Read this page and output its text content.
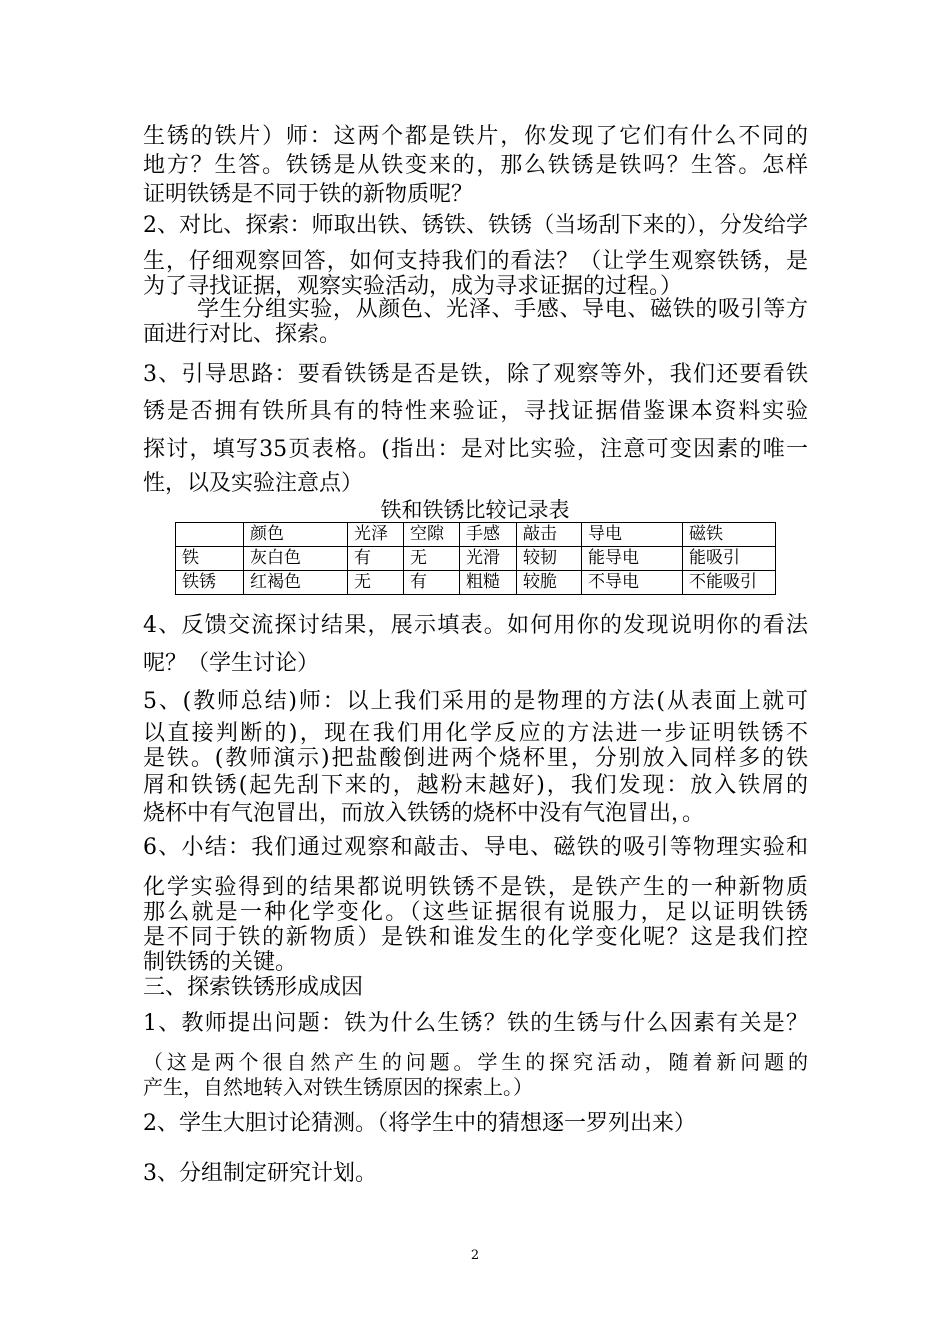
生锈的铁片）师：这两个都是铁片，你发现了它们有什么不同的
地方？生答。铁锈是从铁变来的，那么铁锈是铁吗？生答。怎样
证明铁锈是不同于铁的新物质呢？
2、对比、探索：师取出铁、锈铁、铁锈（当场刮下来的），分发给学
生，仔细观察回答，如何支持我们的看法？（让学生观察铁锈，是
为了寻找证据，观察实验活动，成为寻求证据的过程。）
学生分组实验，从颜色、光泽、手感、导电、磁铁的吸引等方
面进行对比、探索。
3、引导思路：要看铁锈是否是铁，除了观察等外，我们还要看铁
锈是否拥有铁所具有的特性来验证，寻找证据借鉴课本资料实验
探讨，填写35页表格。(指出：是对比实验，注意可变因素的唯一
性，以及实验注意点）
铁和铁锈比较记录表
	颜色	光泽	空隙	手感	敲击	导电	磁铁
铁	灰白色	有	无	光滑	较韧	能导电	能吸引
铁锈	红褐色	无	有	粗糙	较脆	不导电	不能吸引
4、反馈交流探讨结果，展示填表。如何用你的发现说明你的看法
呢？（学生讨论）
5、(教师总结)师：以上我们采用的是物理的方法(从表面上就可
以直接判断的)，现在我们用化学反应的方法进一步证明铁锈不
是铁。(教师演示)把盐酸倒进两个烧杯里，分别放入同样多的铁
屑和铁锈(起先刮下来的，越粉末越好)，我们发现：放入铁屑的
烧杯中有气泡冒出，而放入铁锈的烧杯中没有气泡冒出，。
6、小结：我们通过观察和敲击、导电、磁铁的吸引等物理实验和
化学实验得到的结果都说明铁锈不是铁，是铁产生的一种新物质
那么就是一种化学变化。（这些证据很有说服力，足以证明铁锈
是不同于铁的新物质）是铁和谁发生的化学变化呢？这是我们控
制铁锈的关键。
三、探索铁锈形成成因
1、教师提出问题：铁为什么生锈？铁的生锈与什么因素有关是？
（这是两个很自然产生的问题。学生的探究活动，随着新问题的
产生，自然地转入对铁生锈原因的探索上。）
2、学生大胆讨论猜测。（将学生中的猜想逐一罗列出来）
3、分组制定研究计划。
2
